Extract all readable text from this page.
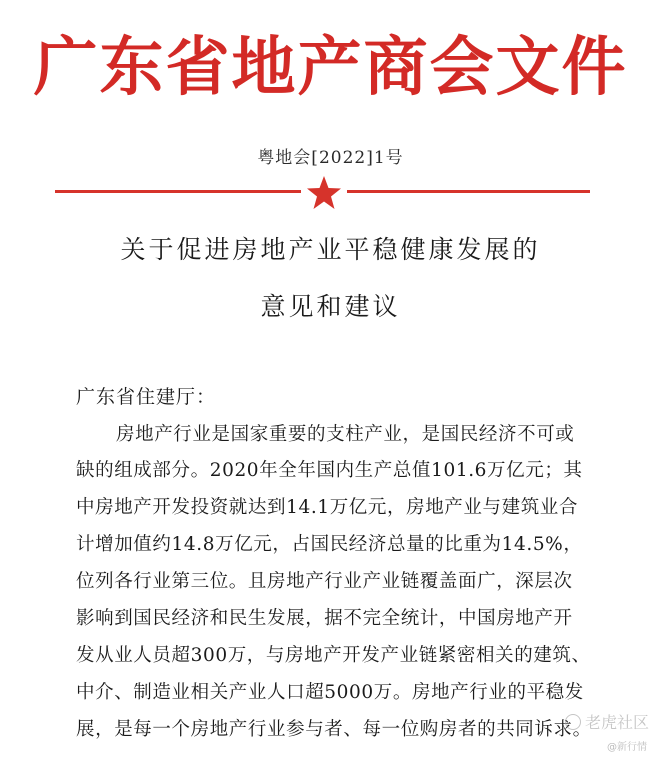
广东省地产商会文件
粤地会[2022]1号
关于促进房地产业平稳健康发展的
意见和建议
广东省住建厅：
房地产行业是国家重要的支柱产业，是国民经济不可或
缺的组成部分。2020年全年国内生产总值101.6万亿元；其
中房地产开发投资就达到14.1万亿元，房地产业与建筑业合
计增加值约14.8万亿元，占国民经济总量的比重为14.5%，
位列各行业第三位。且房地产行业产业链覆盖面广，深层次
影响到国民经济和民生发展，据不完全统计，中国房地产开
发从业人员超300万，与房地产开发产业链紧密相关的建筑、
中介、制造业相关产业人口超5000万。房地产行业的平稳发
展，是每一个房地产行业参与者、每一位购房者的共同诉求。
老虎社区
@新行情
